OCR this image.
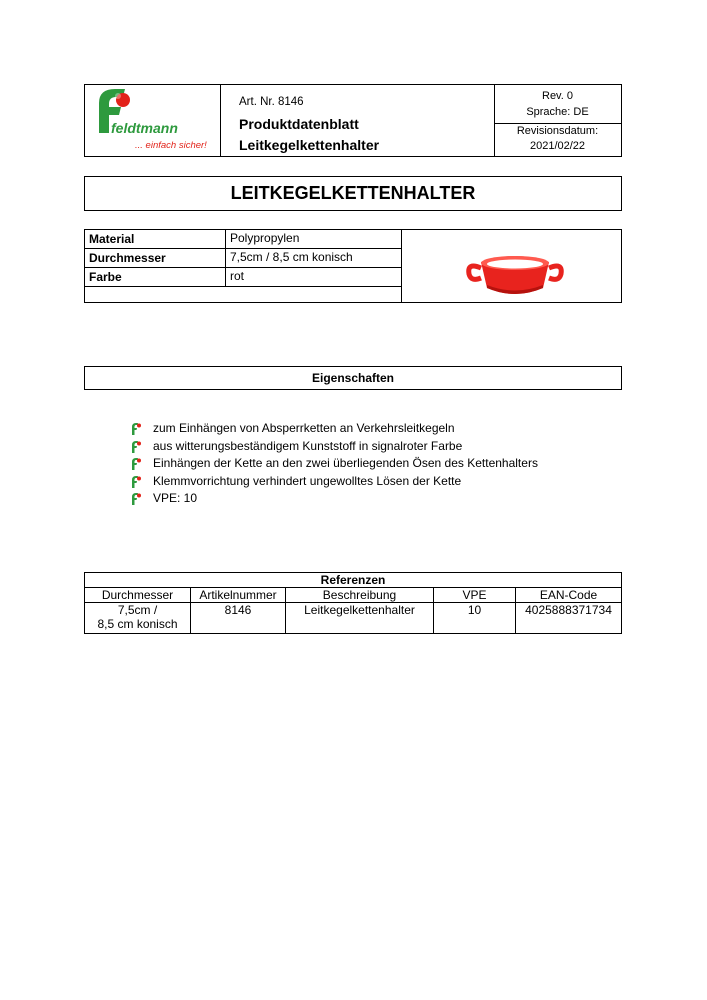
feldtmann
... einfach sicher!
Art. Nr. 8146
Produktdatenblatt
Leitkegelkettenhalter
Rev. 0
Sprache: DE
Revisionsdatum:
2021/02/22
LEITKEGELKETTENHALTER
Material	Polypropylen
Durchmesser	7,5cm / 8,5 cm konisch
Farbe	rot
Eigenschaften
zum Einhängen von Absperrketten an Verkehrsleitkegeln
aus witterungsbeständigem Kunststoff in signalroter Farbe
Einhängen der Kette an den zwei überliegenden Ösen des Kettenhalters
Klemmvorrichtung verhindert ungewolltes Lösen der Kette
VPE: 10
Referenzen				
Durchmesser	Artikelnummer	Beschreibung	VPE	EAN-Code

7,5cm /
8,5 cm konisch	8146	Leitkegelkettenhalter	10	4025888371734
